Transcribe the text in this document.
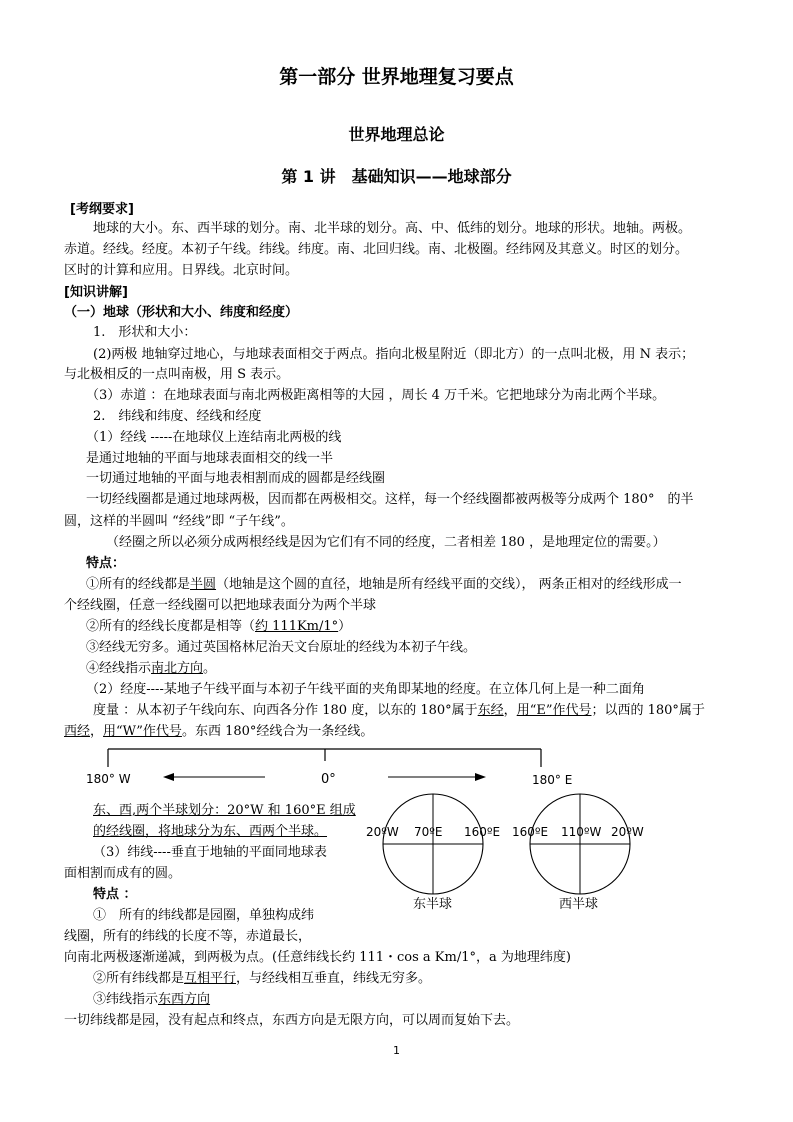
第一部分 世界地理复习要点
世界地理总论
第 1 讲　基础知识——地球部分
[考纲要求]
地球的大小。东、西半球的划分。南、北半球的划分。高、中、低纬的划分。地球的形状。地轴。两极。
赤道。经线。经度。本初子午线。纬线。纬度。南、北回归线。南、北极圈。经纬网及其意义。时区的划分。
区时的计算和应用。日界线。北京时间。
[知识讲解]
（一）地球（形状和大小、纬度和经度）
1.　形状和大小：
(2)两极 地轴穿过地心，与地球表面相交于两点。指向北极星附近（即北方）的一点叫北极，用 N 表示；
与北极相反的一点叫南极，用 S 表示。
（3）赤道 ：在地球表面与南北两极距离相等的大园 ，周长 4 万千米。它把地球分为南北两个半球。
2.　纬线和纬度、经线和经度
（1）经线 -----在地球仪上连结南北两极的线
是通过地轴的平面与地球表面相交的线一半
一切通过地轴的平面与地表相割而成的圆都是经线圈
一切经线圈都是通过地球两极，因而都在两极相交。这样，每一个经线圈都被两极等分成两个 180°　的半
圆，这样的半圆叫 “经线”即 “子午线”。
（经圈之所以必须分成两根经线是因为它们有不同的经度，二者相差 180 ，是地理定位的需要。）
特点：
①所有的经线都是半圆（地轴是这个圆的直径，地轴是所有经线平面的交线）， 两条正相对的经线形成一
个经线圈，任意一经线圈可以把地球表面分为两个半球
②所有的经线长度都是相等（约 111Km/1°）
③经线无穷多。通过英国格林尼治天文台原址的经线为本初子午线。
④经线指示南北方向。
（2）经度----某地子午线平面与本初子午线平面的夹角即某地的经度。在立体几何上是一种二面角
度量 ：从本初子午线向东、向西各分作 180 度，以东的 180°属于东经，用“E”作代号；以西的 180°属于
西经，用“W”作代号。东西 180°经线合为一条经线。
180° W	0°	180° E
20ºW 70ºE 160ºE
东半球
160ºE 110ºW 20ºW
西半球
东、西,两个半球划分：20°W 和 160°E 组成
的经线圈，将地球分为东、西两个半球。
（3）纬线----垂直于地轴的平面同地球表
面相割而成有的圆。
特点 ：
①　所有的纬线都是园圈，单独构成纬
线圈，所有的纬线的长度不等，赤道最长，
向南北两极逐渐递减，到两极为点。(任意纬线长约 111・cos a Km/1°，a 为地理纬度)
②所有纬线都是互相平行，与经线相互垂直，纬线无穷多。
③纬线指示东西方向
一切纬线都是园，没有起点和终点，东西方向是无限方向，可以周而复始下去。
1
